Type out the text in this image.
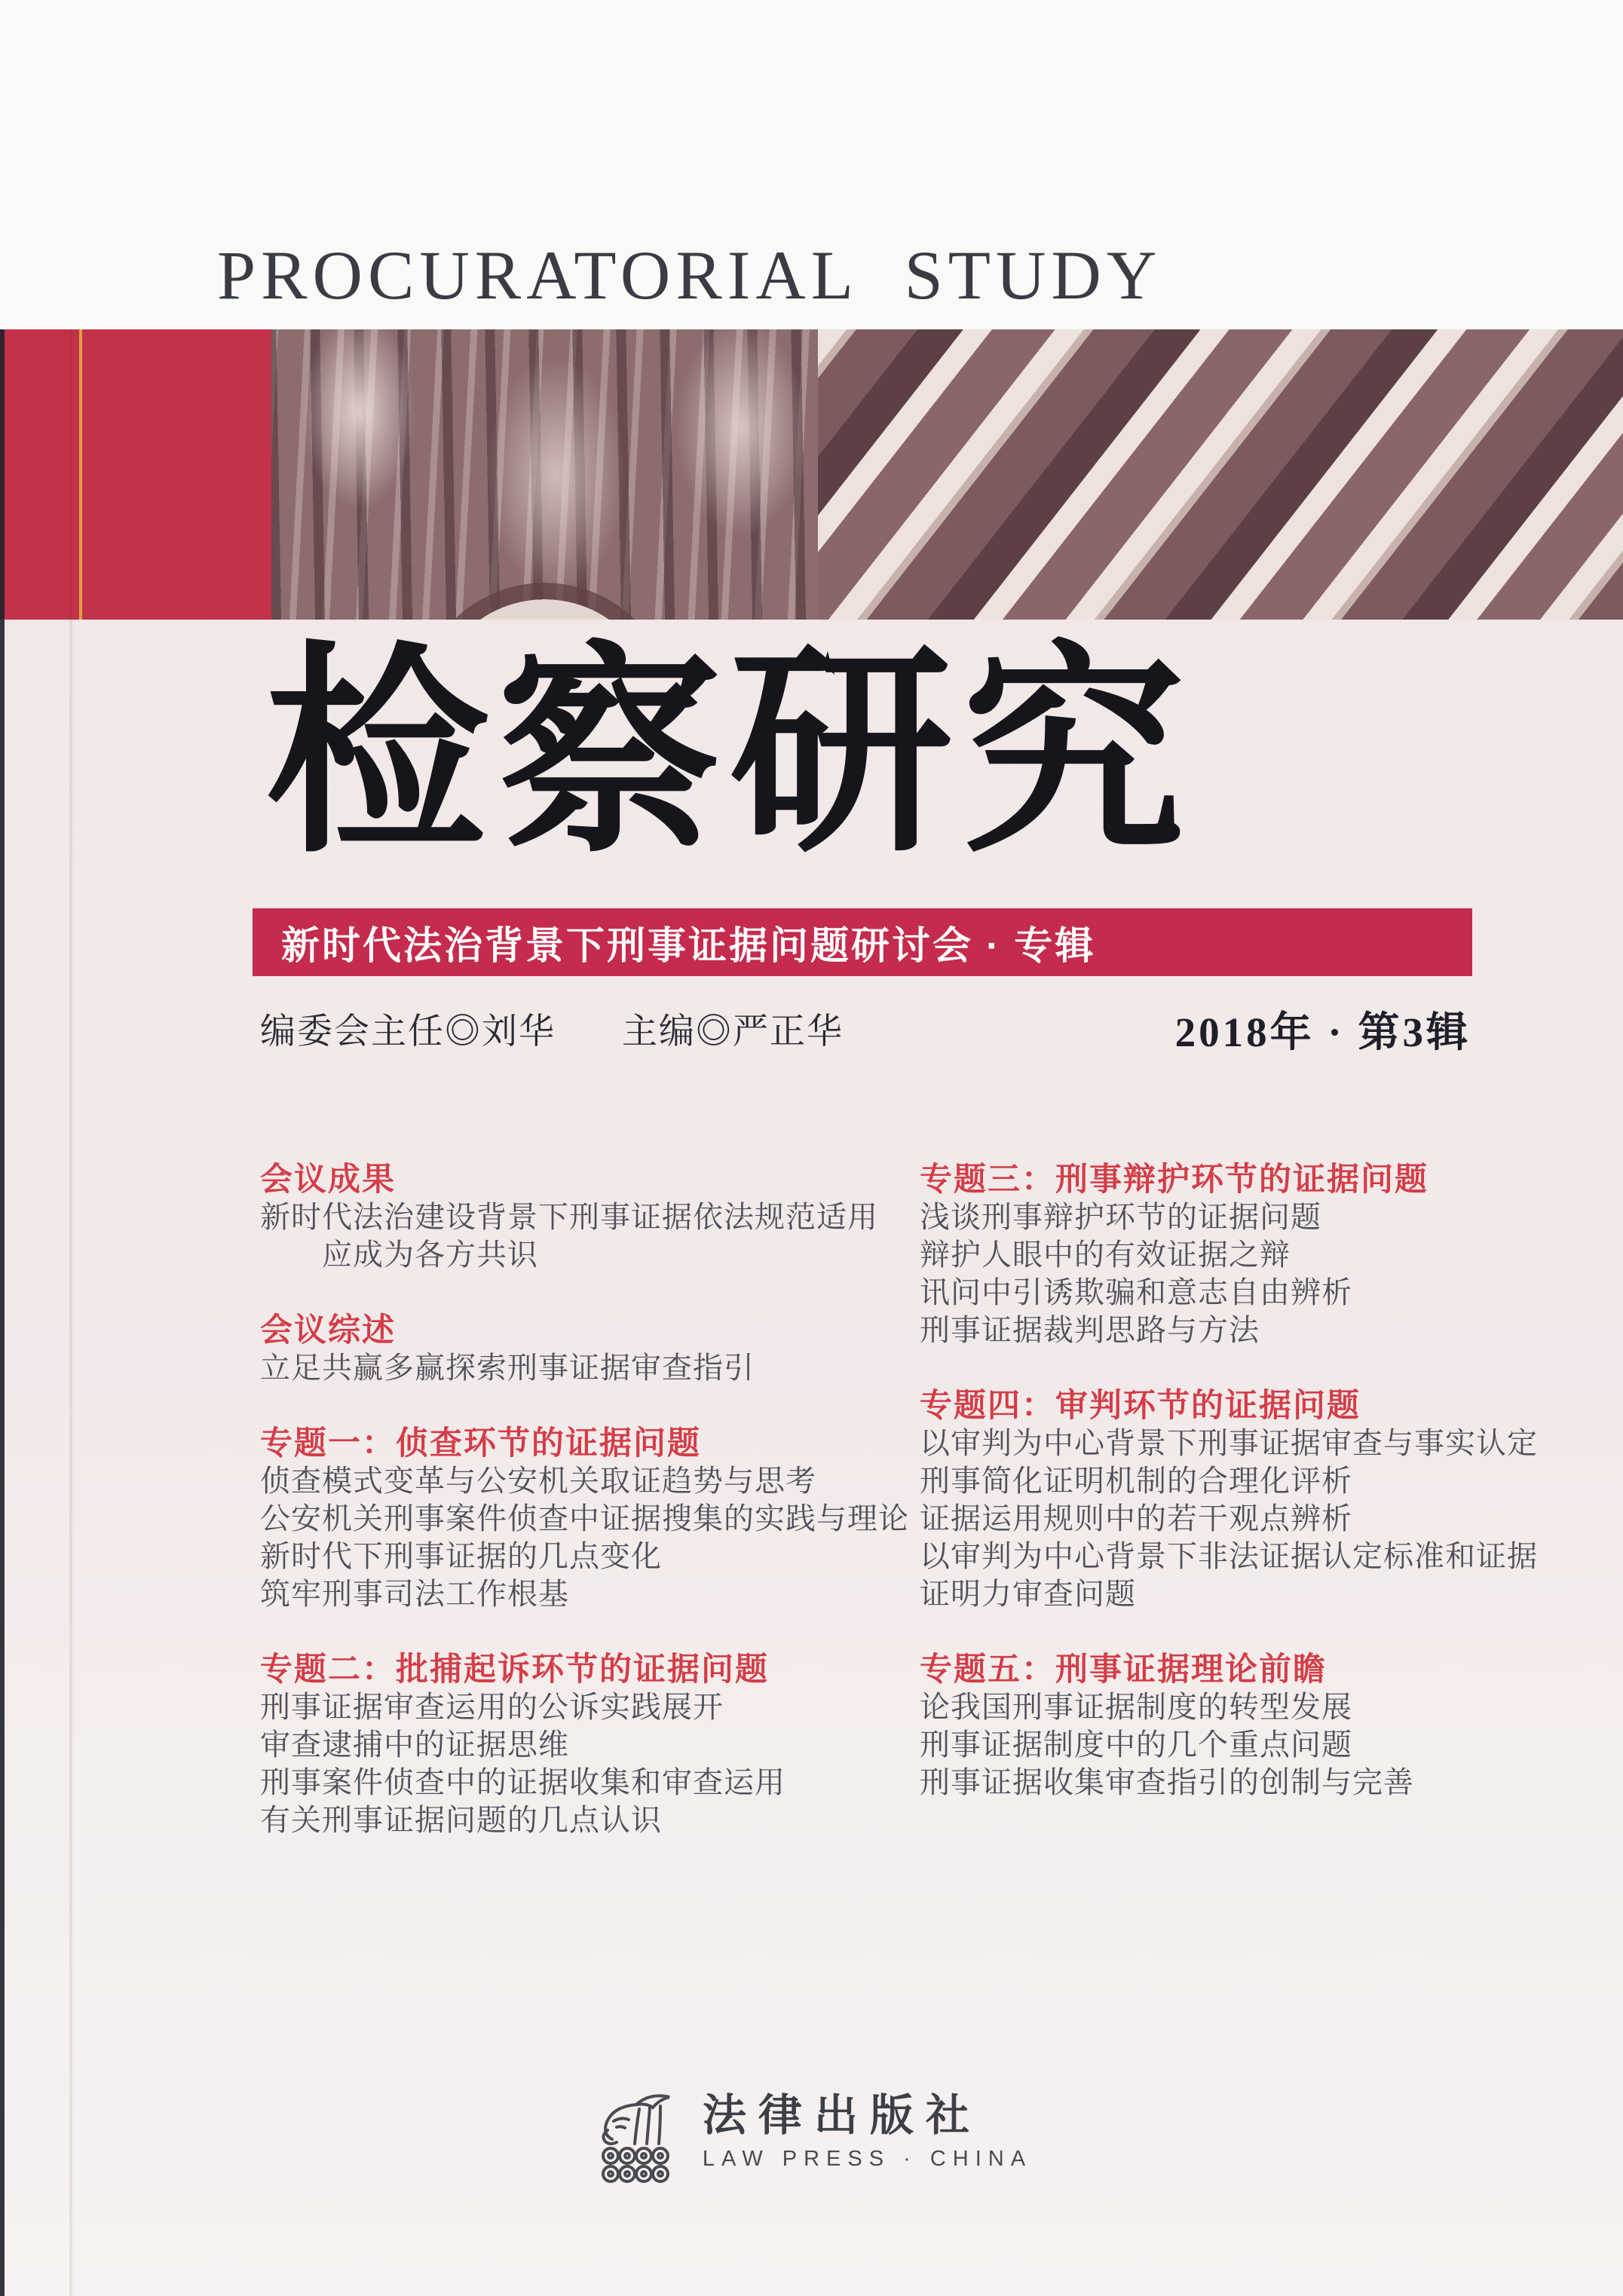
PROCURATORIAL STUDY
检察研究
新时代法治背景下刑事证据问题研讨会 · 专辑
编委会主任◎刘华 主编◎严正华	2018年 · 第3辑
会议成果
新时代法治建设背景下刑事证据依法规范适用
应成为各方共识
会议综述
立足共赢多赢探索刑事证据审查指引
专题一：侦查环节的证据问题
侦查模式变革与公安机关取证趋势与思考
公安机关刑事案件侦查中证据搜集的实践与理论
新时代下刑事证据的几点变化
筑牢刑事司法工作根基
专题二：批捕起诉环节的证据问题
刑事证据审查运用的公诉实践展开
审查逮捕中的证据思维
刑事案件侦查中的证据收集和审查运用
有关刑事证据问题的几点认识
专题三：刑事辩护环节的证据问题
浅谈刑事辩护环节的证据问题
辩护人眼中的有效证据之辩
讯问中引诱欺骗和意志自由辨析
刑事证据裁判思路与方法
专题四：审判环节的证据问题
以审判为中心背景下刑事证据审查与事实认定
刑事简化证明机制的合理化评析
证据运用规则中的若干观点辨析
以审判为中心背景下非法证据认定标准和证据
证明力审查问题
专题五：刑事证据理论前瞻
论我国刑事证据制度的转型发展
刑事证据制度中的几个重点问题
刑事证据收集审查指引的创制与完善
法律出版社
LAW PRESS · CHINA
